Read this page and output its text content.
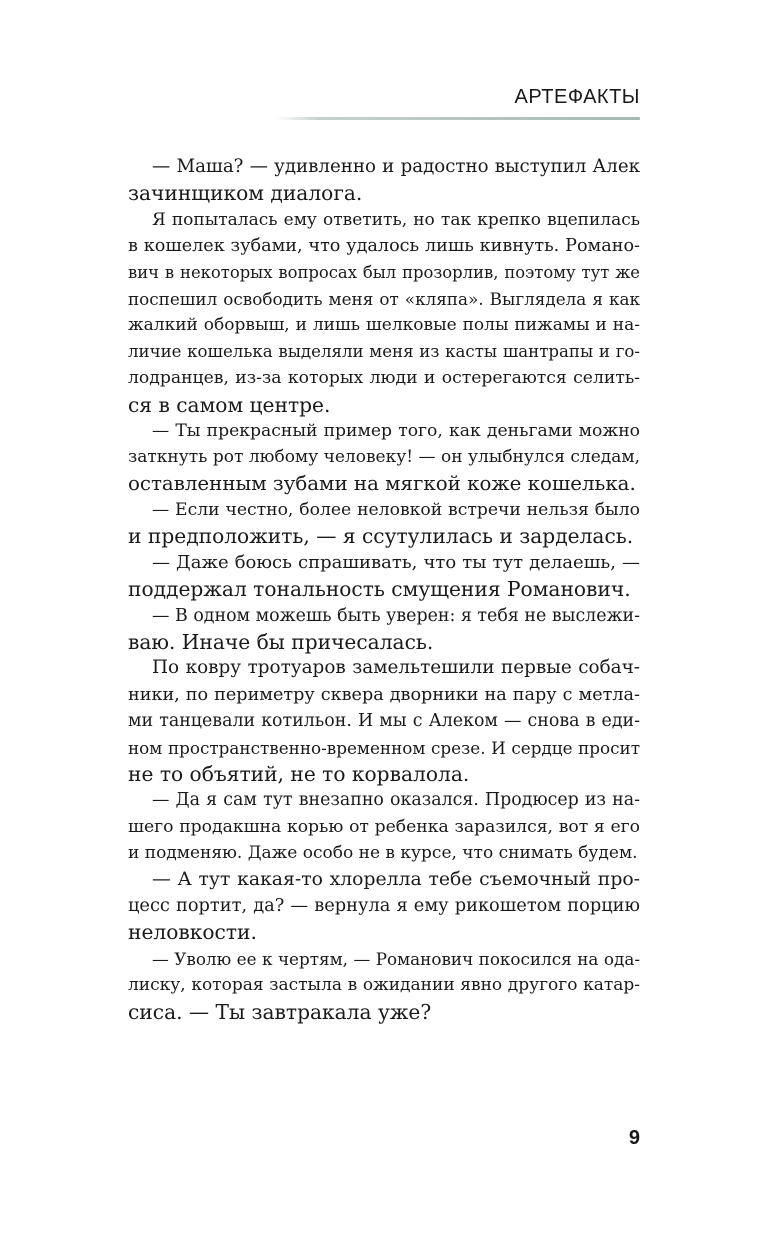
АРТЕФАКТЫ
— Маша? — удивленно и радостно выступил Алек
зачинщиком диалога.
Я попыталась ему ответить, но так крепко вцепилась
в кошелек зубами, что удалось лишь кивнуть. Романо-
вич в некоторых вопросах был прозорлив, поэтому тут же
поспешил освободить меня от «кляпа». Выглядела я как
жалкий оборвыш, и лишь шелковые полы пижамы и на-
личие кошелька выделяли меня из касты шантрапы и го-
лодранцев, из-за которых люди и остерегаются селить-
ся в самом центре.
— Ты прекрасный пример того, как деньгами можно
заткнуть рот любому человеку! — он улыбнулся следам,
оставленным зубами на мягкой коже кошелька.
— Если честно, более неловкой встречи нельзя было
и предположить, — я ссутулилась и зарделась.
— Даже боюсь спрашивать, что ты тут делаешь, —
поддержал тональность смущения Романович.
— В одном можешь быть уверен: я тебя не выслежи-
ваю. Иначе бы причесалась.
По ковру тротуаров замельтешили первые собач-
ники, по периметру сквера дворники на пару с метла-
ми танцевали котильон. И мы с Алеком — снова в еди-
ном пространственно-временном срезе. И сердце просит
не то объятий, не то корвалола.
— Да я сам тут внезапно оказался. Продюсер из на-
шего продакшна корью от ребенка заразился, вот я его
и подменяю. Даже особо не в курсе, что снимать будем.
— А тут какая-то хлорелла тебе съемочный про-
цесс портит, да? — вернула я ему рикошетом порцию
неловкости.
— Уволю ее к чертям, — Романович покосился на ода-
лиску, которая застыла в ожидании явно другого катар-
сиса. — Ты завтракала уже?
9
